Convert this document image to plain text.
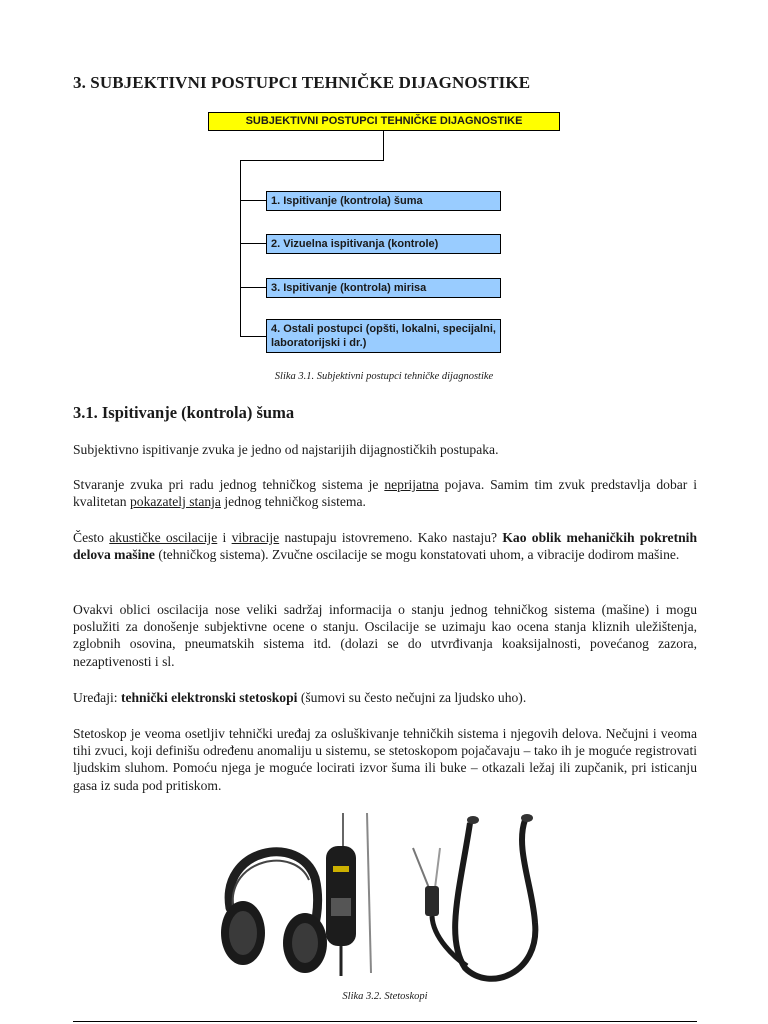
3. SUBJEKTIVNI POSTUPCI TEHNIČKE DIJAGNOSTIKE
SUBJEKTIVNI POSTUPCI TEHNIČKE DIJAGNOSTIKE
1. Ispitivanje (kontrola) šuma
2. Vizuelna ispitivanja (kontrole)
3. Ispitivanje (kontrola) mirisa
4. Ostali postupci (opšti, lokalni, specijalni, laboratorijski i dr.)
Slika 3.1. Subjektivni postupci tehničke dijagnostike
3.1. Ispitivanje (kontrola) šuma
Subjektivno ispitivanje zvuka je jedno od najstarijih dijagnostičkih postupaka.
Stvaranje zvuka pri radu jednog tehničkog sistema je neprijatna pojava. Samim tim zvuk predstavlja dobar i kvalitetan pokazatelj stanja jednog tehničkog sistema.
Često akustičke oscilacije i vibracije nastupaju istovremeno. Kako nastaju? Kao oblik mehaničkih pokretnih delova mašine (tehničkog sistema). Zvučne oscilacije se mogu konstatovati uhom, a vibracije dodirom mašine.
Ovakvi oblici oscilacija nose veliki sadržaj informacija o stanju jednog tehničkog sistema (mašine) i mogu poslužiti za donošenje subjektivne ocene o stanju. Oscilacije se uzimaju kao ocena stanja kliznih uležištenja, zglobnih osovina, pneumatskih sistema itd. (dolazi se do utvrđivanja koaksijalnosti, povećanog zazora, nezaptivenosti i sl.
Uređaji: tehnički elektronski stetoskopi (šumovi su često nečujni za ljudsko uho).
Stetoskop je veoma osetljiv tehnički uređaj za osluškivanje tehničkih sistema i njegovih delova. Nečujni i veoma tihi zvuci, koji definišu određenu anomaliju u sistemu, se stetoskopom pojačavaju – tako ih je moguće registrovati ljudskim sluhom. Pomoću njega je moguće locirati izvor šuma ili buke – otkazali ležaj ili zupčanik, pri isticanju gasa iz suda pod pritiskom.
Slika 3.2. Stetoskopi
